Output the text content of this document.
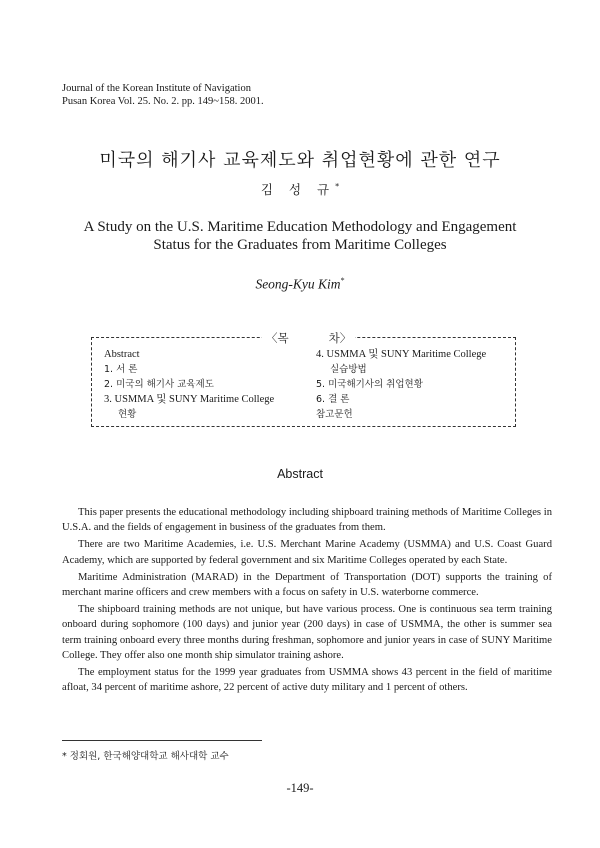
Journal of the Korean Institute of Navigation
Pusan Korea Vol. 25. No. 2. pp. 149~158. 2001.
미국의 해기사 교육제도와 취업현황에 관한 연구
김 성 규*
A Study on the U.S. Maritime Education Methodology and Engagement
Status for the Graduates from Maritime Colleges
Seong-Kyu Kim*
〈목	차〉
Abstract
1. 서 론
2. 미국의 해기사 교육제도
3. USMMA 및 SUNY Maritime College
현황
4. USMMA 및 SUNY Maritime College
실습방법
5. 미국해기사의 취업현황
6. 결 론
참고문헌
Abstract

This paper presents the educational methodology including shipboard training methods of Maritime Colleges in U.S.A. and the fields of engagement in business of the graduates from them.

There are two Maritime Academies, i.e. U.S. Merchant Marine Academy (USMMA) and U.S. Coast Guard Academy, which are supported by federal government and six Maritime Colleges operated by each State.

Maritime Administration (MARAD) in the Department of Transportation (DOT) supports the training of merchant marine officers and crew members with a focus on safety in U.S. waterborne commerce.

The shipboard training methods are not unique, but have various process. One is continuous sea term training onboard during sophomore (100 days) and junior year (200 days) in case of USMMA, the other is summer sea term training onboard every three months during freshman, sophomore and junior years in case of SUNY Maritime College. They offer also one month ship simulator training ashore.

The employment status for the 1999 year graduates from USMMA shows 43 percent in the field of maritime afloat, 34 percent of maritime ashore, 22 percent of active duty military and 1 percent of others.

* 정회원, 한국해양대학교 해사대학 교수
-149-
